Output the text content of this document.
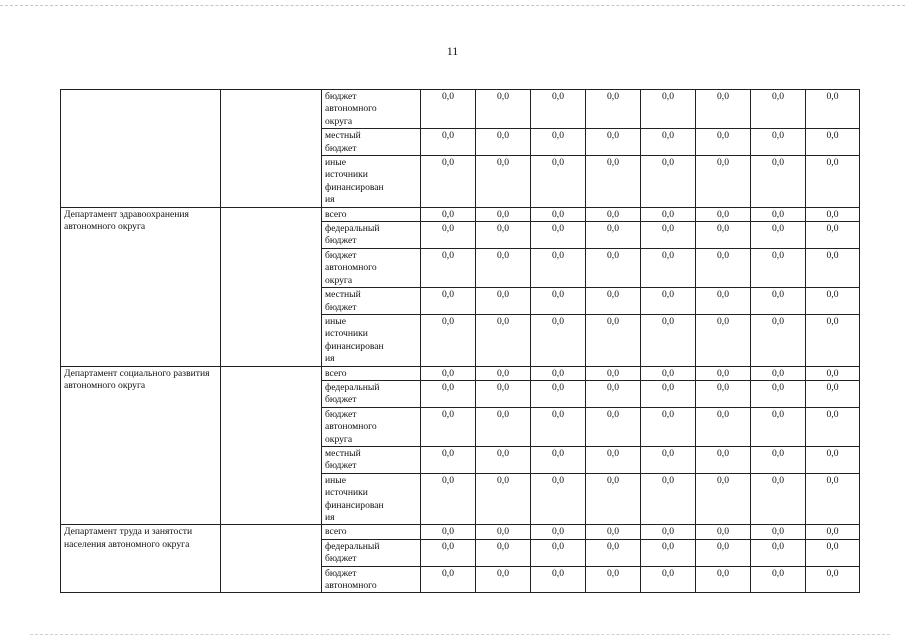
11
		бюджет
автономного
округа	0,0	0,0	0,0	0,0	0,0	0,0	0,0	0,0
		местный
бюджет	0,0	0,0	0,0	0,0	0,0	0,0	0,0	0,0
		иные
источники
финансирован
ия	0,0	0,0	0,0	0,0	0,0	0,0	0,0	0,0
Департамент здравоохранения автономного округа		всего	0,0	0,0	0,0	0,0	0,0	0,0	0,0	0,0
		федеральный
бюджет	0,0	0,0	0,0	0,0	0,0	0,0	0,0	0,0
		бюджет
автономного
округа	0,0	0,0	0,0	0,0	0,0	0,0	0,0	0,0
		местный
бюджет	0,0	0,0	0,0	0,0	0,0	0,0	0,0	0,0
		иные
источники
финансирован
ия	0,0	0,0	0,0	0,0	0,0	0,0	0,0	0,0
Департамент социального развития автономного округа		всего	0,0	0,0	0,0	0,0	0,0	0,0	0,0	0,0
		федеральный
бюджет	0,0	0,0	0,0	0,0	0,0	0,0	0,0	0,0
		бюджет
автономного
округа	0,0	0,0	0,0	0,0	0,0	0,0	0,0	0,0
		местный
бюджет	0,0	0,0	0,0	0,0	0,0	0,0	0,0	0,0
		иные
источники
финансирован
ия	0,0	0,0	0,0	0,0	0,0	0,0	0,0	0,0
Департамент труда и занятости населения автономного округа		всего	0,0	0,0	0,0	0,0	0,0	0,0	0,0	0,0
		федеральный
бюджет	0,0	0,0	0,0	0,0	0,0	0,0	0,0	0,0
		бюджет
автономного	0,0	0,0	0,0	0,0	0,0	0,0	0,0	0,0
